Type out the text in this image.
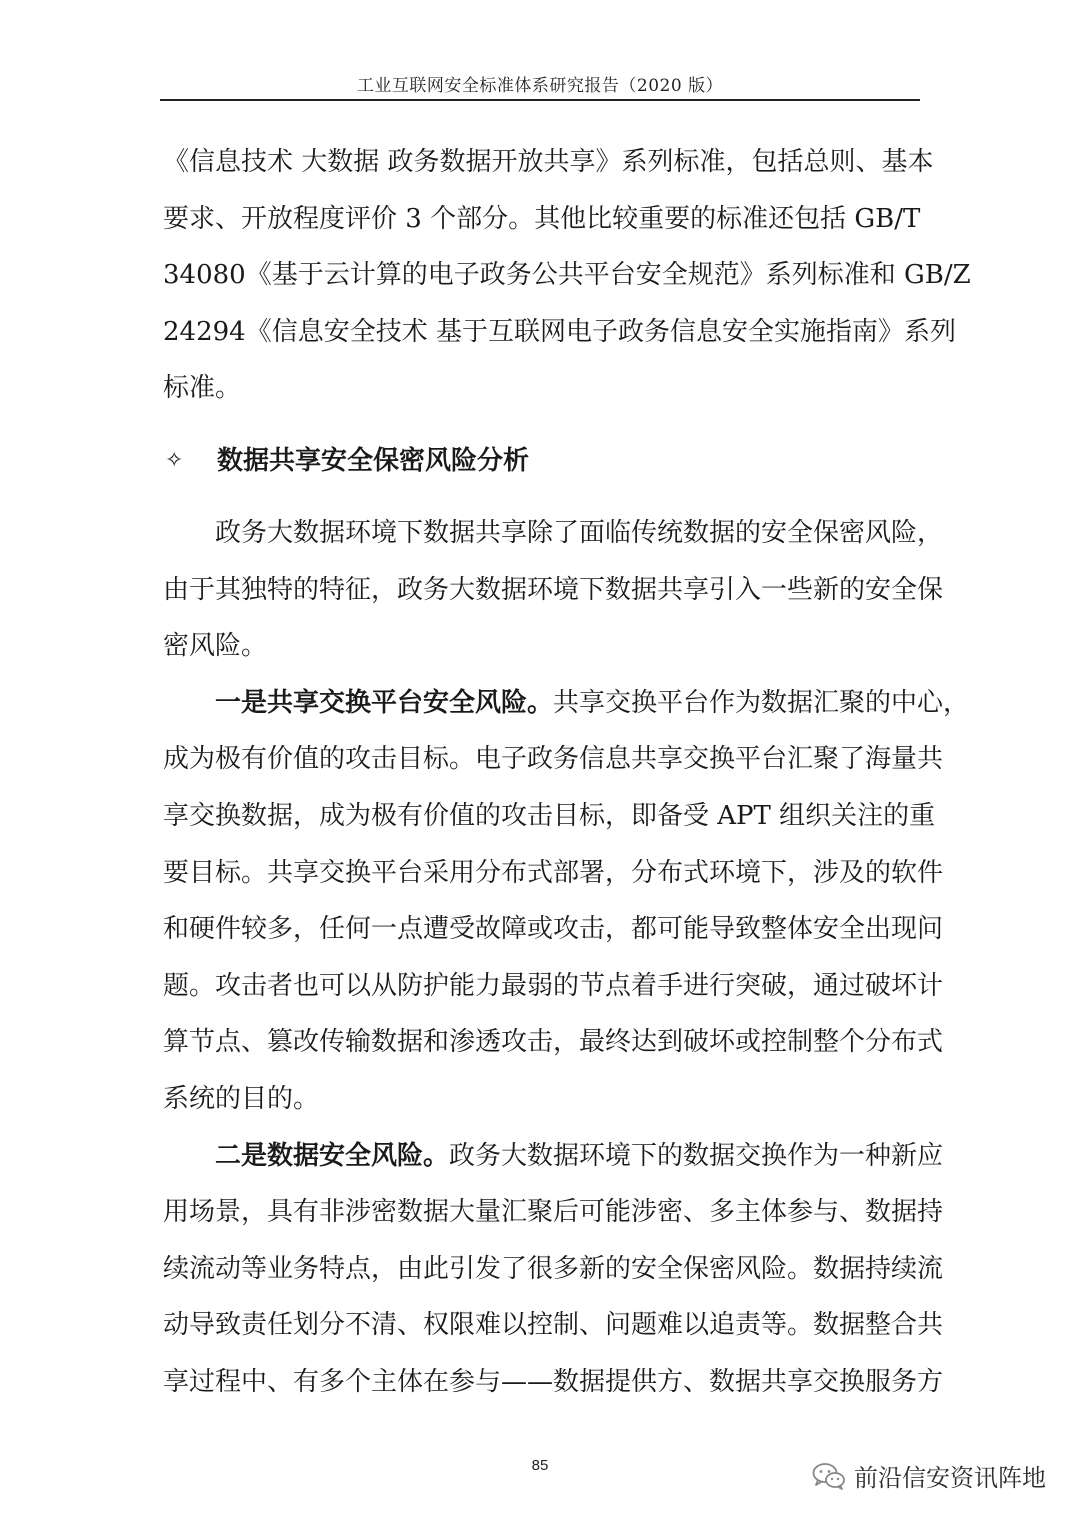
工业互联网安全标准体系研究报告（2020 版）
《信息技术 大数据 政务数据开放共享》系列标准，包括总则、基本
要求、开放程度评价 3 个部分。其他比较重要的标准还包括 GB/T
34080《基于云计算的电子政务公共平台安全规范》系列标准和 GB/Z
24294《信息安全技术 基于互联网电子政务信息安全实施指南》系列
标准。
✧	数据共享安全保密风险分析
政务大数据环境下数据共享除了面临传统数据的安全保密风险，
由于其独特的特征，政务大数据环境下数据共享引入一些新的安全保
密风险。
一是共享交换平台安全风险。共享交换平台作为数据汇聚的中心，
成为极有价值的攻击目标。电子政务信息共享交换平台汇聚了海量共
享交换数据，成为极有价值的攻击目标，即备受 APT 组织关注的重
要目标。共享交换平台采用分布式部署，分布式环境下，涉及的软件
和硬件较多，任何一点遭受故障或攻击，都可能导致整体安全出现问
题。攻击者也可以从防护能力最弱的节点着手进行突破，通过破坏计
算节点、篡改传输数据和渗透攻击，最终达到破坏或控制整个分布式
系统的目的。
二是数据安全风险。政务大数据环境下的数据交换作为一种新应
用场景，具有非涉密数据大量汇聚后可能涉密、多主体参与、数据持
续流动等业务特点，由此引发了很多新的安全保密风险。数据持续流
动导致责任划分不清、权限难以控制、问题难以追责等。数据整合共
享过程中、有多个主体在参与——数据提供方、数据共享交换服务方
85	前沿信安资讯阵地
